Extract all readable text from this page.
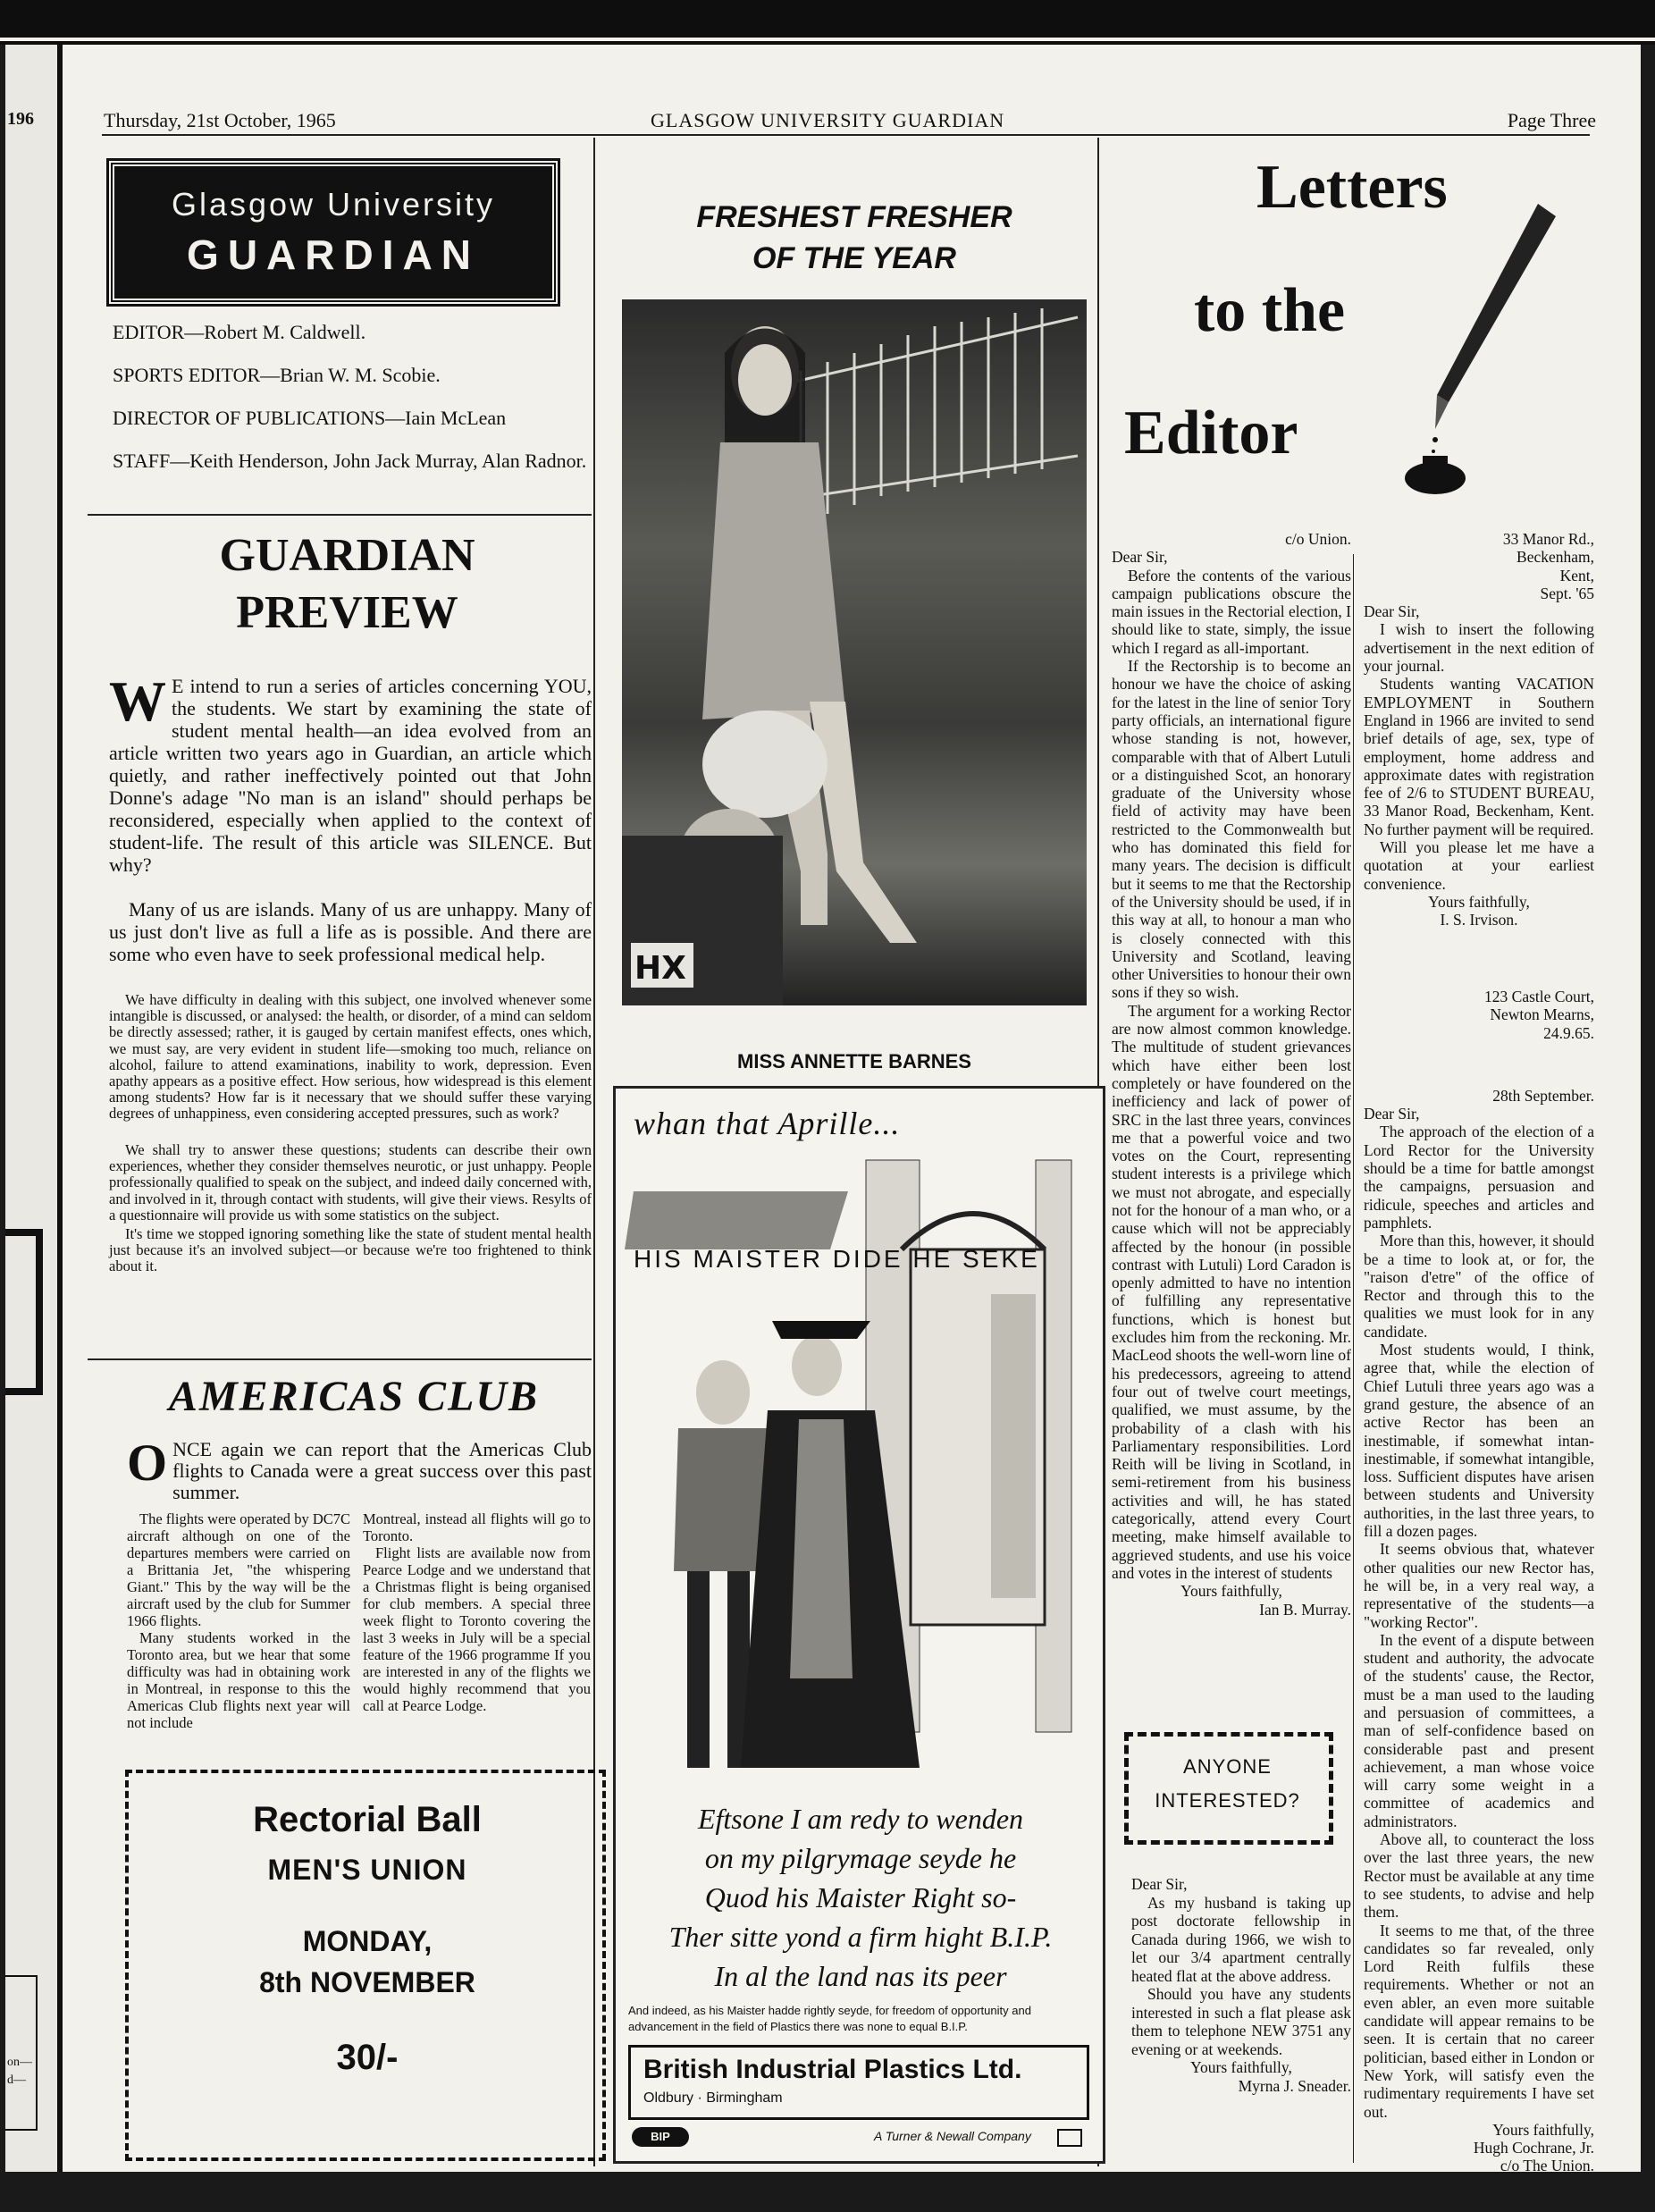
196
on—
d—
Thursday, 21st October, 1965	GLASGOW UNIVERSITY GUARDIAN	Page Three
Glasgow University
GUARDIAN
EDITOR—Robert M. Caldwell.
SPORTS EDITOR—Brian W. M. Scobie.
DIRECTOR OF PUBLICATIONS—Iain McLean
STAFF—Keith Henderson, John Jack Murray, Alan Radnor.
GUARDIAN
PREVIEW
W E intend to run a series of articles concerning YOU, the students. We start by examining the state of student mental health—an idea evolved from an article written two years ago in Guardian, an article which quietly, and rather ineffectively pointed out that John Donne's adage "No man is an island" should perhaps be reconsidered, especially when applied to the context of student-life. The result of this article was SILENCE. But why?
Many of us are islands. Many of us are unhappy. Many of us just don't live as full a life as is possible. And there are some who even have to seek professional medical help.
We have difficulty in dealing with this subject, one involved whenever some intangible is discussed, or analysed: the health, or disorder, of a mind can seldom be directly assessed; rather, it is gauged by certain manifest effects, ones which, we must say, are very evident in student life—smoking too much, reliance on alcohol, failure to attend examinations, inability to work, depression. Even apathy appears as a positive effect. How serious, how widespread is this element among students? How far is it necessary that we should suffer these varying degrees of unhappiness, even considering accepted pressures, such as work?
We shall try to answer these questions; students can describe their own experiences, whether they consider themselves neurotic, or just unhappy. People professionally qualified to speak on the subject, and indeed daily concerned with, and involved in it, through contact with students, will give their views. Resylts of a questionnaire will provide us with some statistics on the subject.
It's time we stopped ignoring something like the state of student mental health just because it's an involved subject—or because we're too frightened to think about it.
AMERICAS CLUB
ONCE again we can report that the Americas Club flights to Canada were a great success over this past summer.
The flights were operated by DC7C aircraft although on one of the departures members were carried on a Brittania Jet, "the whispering Giant." This by the way will be the aircraft used by the club for Summer 1966 flights.
Many students worked in the Toronto area, but we hear that some difficulty was had in obtaining work in Montreal, in response to this the Americas Club flights next year will not include
Montreal, instead all flights will go to Toronto.
Flight lists are available now from Pearce Lodge and we understand that a Christmas flight is being organised for club members. A special three week flight to Toronto covering the last 3 weeks in July will be a special feature of the 1966 programme If you are interested in any of the flights we would highly recommend that you call at Pearce Lodge.
Rectorial Ball
MEN'S UNION
MONDAY,
8th NOVEMBER
30/-
FRESHEST FRESHER
OF THE YEAR
HX
MISS ANNETTE BARNES
whan that Aprille...
HIS MAISTER DIDE HE SEKE
Eftsone I am redy to wenden
on my pilgrymage seyde he
Quod his Maister Right so-
Ther sitte yond a firm hight B.I.P.
In al the land nas its peer
And indeed, as his Maister hadde rightly seyde, for freedom of opportunity and advancement in the field of Plastics there was none to equal B.I.P.
British Industrial Plastics Ltd.
Oldbury · Birmingham
BIP	A Turner & Newall Company
Letters
to the
Editor
c/o Union.

Dear Sir,

Before the contents of the various campaign publications obscure the main issues in the Rectorial election, I should like to state, simply, the issue which I regard as all-important.

If the Rectorship is to become an honour we have the choice of asking for the latest in the line of senior Tory party officials, an international figure whose standing is not, however, comparable with that of Albert Lutuli or a distinguished Scot, an honorary graduate of the University whose field of activity may have been restricted to the Commonwealth but who has dominated this field for many years. The decision is difficult but it seems to me that the Rectorship of the University should be used, if in this way at all, to honour a man who is closely connected with this University and Scotland, leaving other Universities to honour their own sons if they so wish.

The argument for a working Rector are now almost common knowledge. The multitude of student grievances which have either been lost completely or have foundered on the inefficiency and lack of power of SRC in the last three years, convinces me that a powerful voice and two votes on the Court, representing student interests is a privilege which we must not abrogate, and especially not for the honour of a man who, or a cause which will not be appreciably affected by the honour (in possible contrast with Lutuli) Lord Caradon is openly admitted to have no intention of fulfilling any representative functions, which is honest but excludes him from the reckoning. Mr. MacLeod shoots the well-worn line of his predecessors, agreeing to attend four out of twelve court meetings, qualified, we must assume, by the probability of a clash with his Parliamentary responsibilities. Lord Reith will be living in Scotland, in semi-retirement from his business activities and will, he has stated categorically, attend every Court meeting, make himself available to aggrieved students, and use his voice and votes in the interest of students

Yours faithfully,
Ian B. Murray.
ANYONE
INTERESTED?

Dear Sir,

As my husband is taking up post doctorate fellowship in Canada during 1966, we wish to let our 3/4 apartment centrally heated flat at the above address.

Should you have any students interested in such a flat please ask them to telephone NEW 3751 any evening or at weekends.

Yours faithfully,
Myrna J. Sneader.
33 Manor Rd.,
Beckenham,
Kent,
Sept. '65

Dear Sir,

I wish to insert the following advertisement in the next edition of your journal.

Students wanting VACATION EMPLOYMENT in Southern England in 1966 are invited to send brief details of age, sex, type of employment, home address and approximate dates with registration fee of 2/6 to STUDENT BUREAU, 33 Manor Road, Beckenham, Kent. No further payment will be required.

Will you please let me have a quotation at your earliest convenience.

Yours faithfully,
I. S. Irvison.
123 Castle Court,
Newton Mearns,
24.9.65.
28th September.

Dear Sir,

The approach of the election of a Lord Rector for the University should be a time for battle amongst the campaigns, persuasion and ridicule, speeches and articles and pamphlets.

More than this, however, it should be a time to look at, or for, the "raison d'etre" of the office of Rector and through this to the qualities we must look for in any candidate.

Most students would, I think, agree that, while the election of Chief Lutuli three years ago was a grand gesture, the absence of an active Rector has been an inestimable, if somewhat intan-inestimable, if somewhat intangible, loss. Sufficient disputes have arisen between students and University authorities, in the last three years, to fill a dozen pages.

It seems obvious that, whatever other qualities our new Rector has, he will be, in a very real way, a representative of the students—a "working Rector".

In the event of a dispute between student and authority, the advocate of the students' cause, the Rector, must be a man used to the lauding and persuasion of committees, a man of self-confidence based on considerable past and present achievement, a man whose voice will carry some weight in a committee of academics and administrators.

Above all, to counteract the loss over the last three years, the new Rector must be available at any time to see students, to advise and help them.

It seems to me that, of the three candidates so far revealed, only Lord Reith fulfils these requirements. Whether or not an even abler, an even more suitable candidate will appear remains to be seen. It is certain that no career politician, based either in London or New York, will satisfy even the rudimentary requirements I have set out.

Yours faithfully,
Hugh Cochrane, Jr.
c/o The Union.
